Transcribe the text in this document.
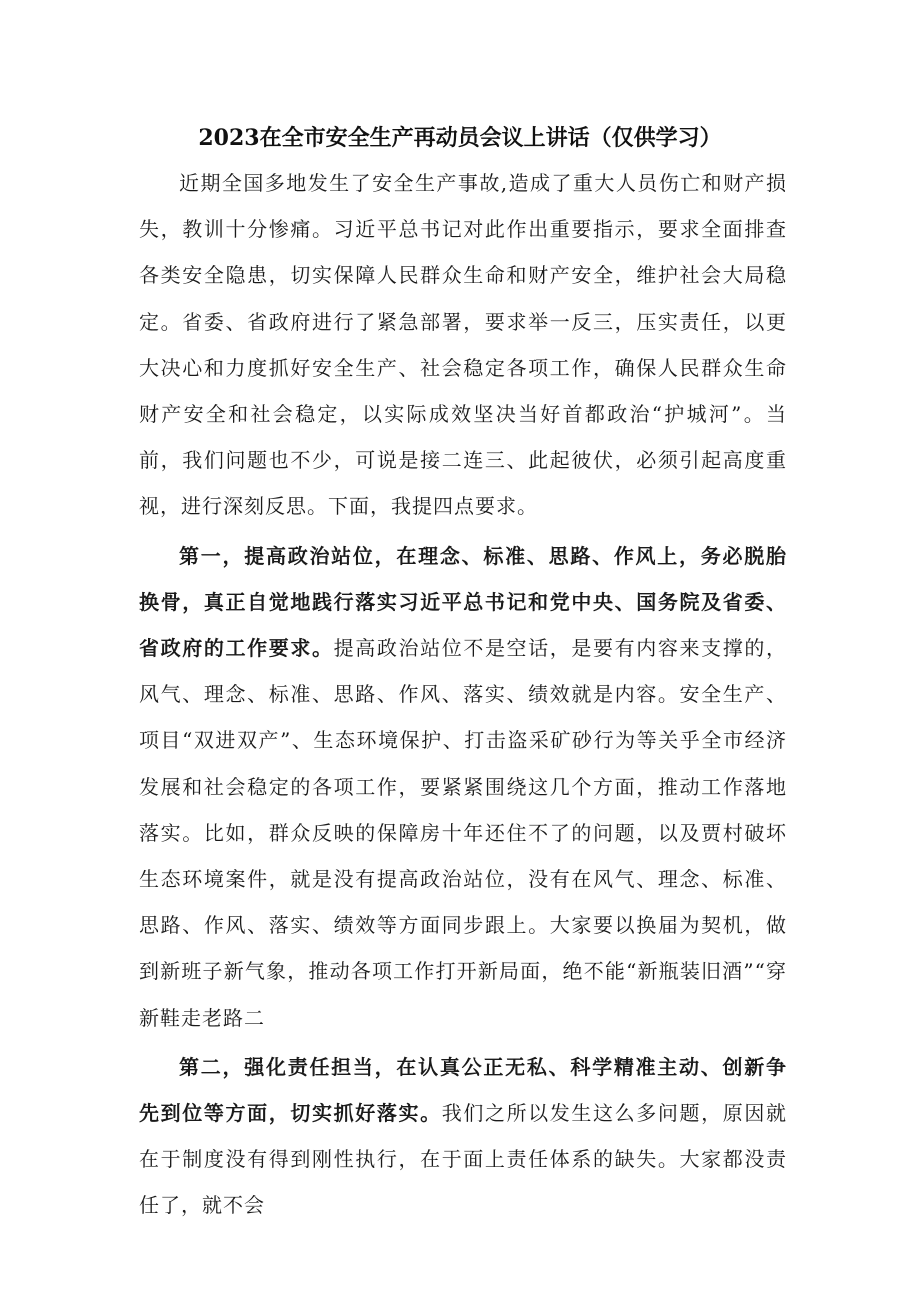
2023在全市安全生产再动员会议上讲话（仅供学习）

近期全国多地发生了安全生产事故,造成了重大人员伤亡和财产损失，教训十分惨痛。习近平总书记对此作出重要指示，要求全面排查各类安全隐患，切实保障人民群众生命和财产安全，维护社会大局稳定。省委、省政府进行了紧急部署，要求举一反三，压实责任，以更大决心和力度抓好安全生产、社会稳定各项工作，确保人民群众生命财产安全和社会稳定，以实际成效坚决当好首都政治“护城河”。当前，我们问题也不少，可说是接二连三、此起彼伏，必须引起高度重视，进行深刻反思。下面，我提四点要求。

第一，提高政治站位，在理念、标准、思路、作风上，务必脱胎换骨，真正自觉地践行落实习近平总书记和党中央、国务院及省委、省政府的工作要求。提高政治站位不是空话，是要有内容来支撑的，风气、理念、标准、思路、作风、落实、绩效就是内容。安全生产、项目“双进双产”、生态环境保护、打击盗采矿砂行为等关乎全市经济发展和社会稳定的各项工作，要紧紧围绕这几个方面，推动工作落地落实。比如，群众反映的保障房十年还住不了的问题，以及贾村破坏生态环境案件，就是没有提高政治站位，没有在风气、理念、标准、思路、作风、落实、绩效等方面同步跟上。大家要以换届为契机，做到新班子新气象，推动各项工作打开新局面，绝不能“新瓶装旧酒”“穿新鞋走老路二

第二，强化责任担当，在认真公正无私、科学精准主动、创新争先到位等方面，切实抓好落实。我们之所以发生这么多问题，原因就在于制度没有得到刚性执行，在于面上责任体系的缺失。大家都没责任了，就不会
